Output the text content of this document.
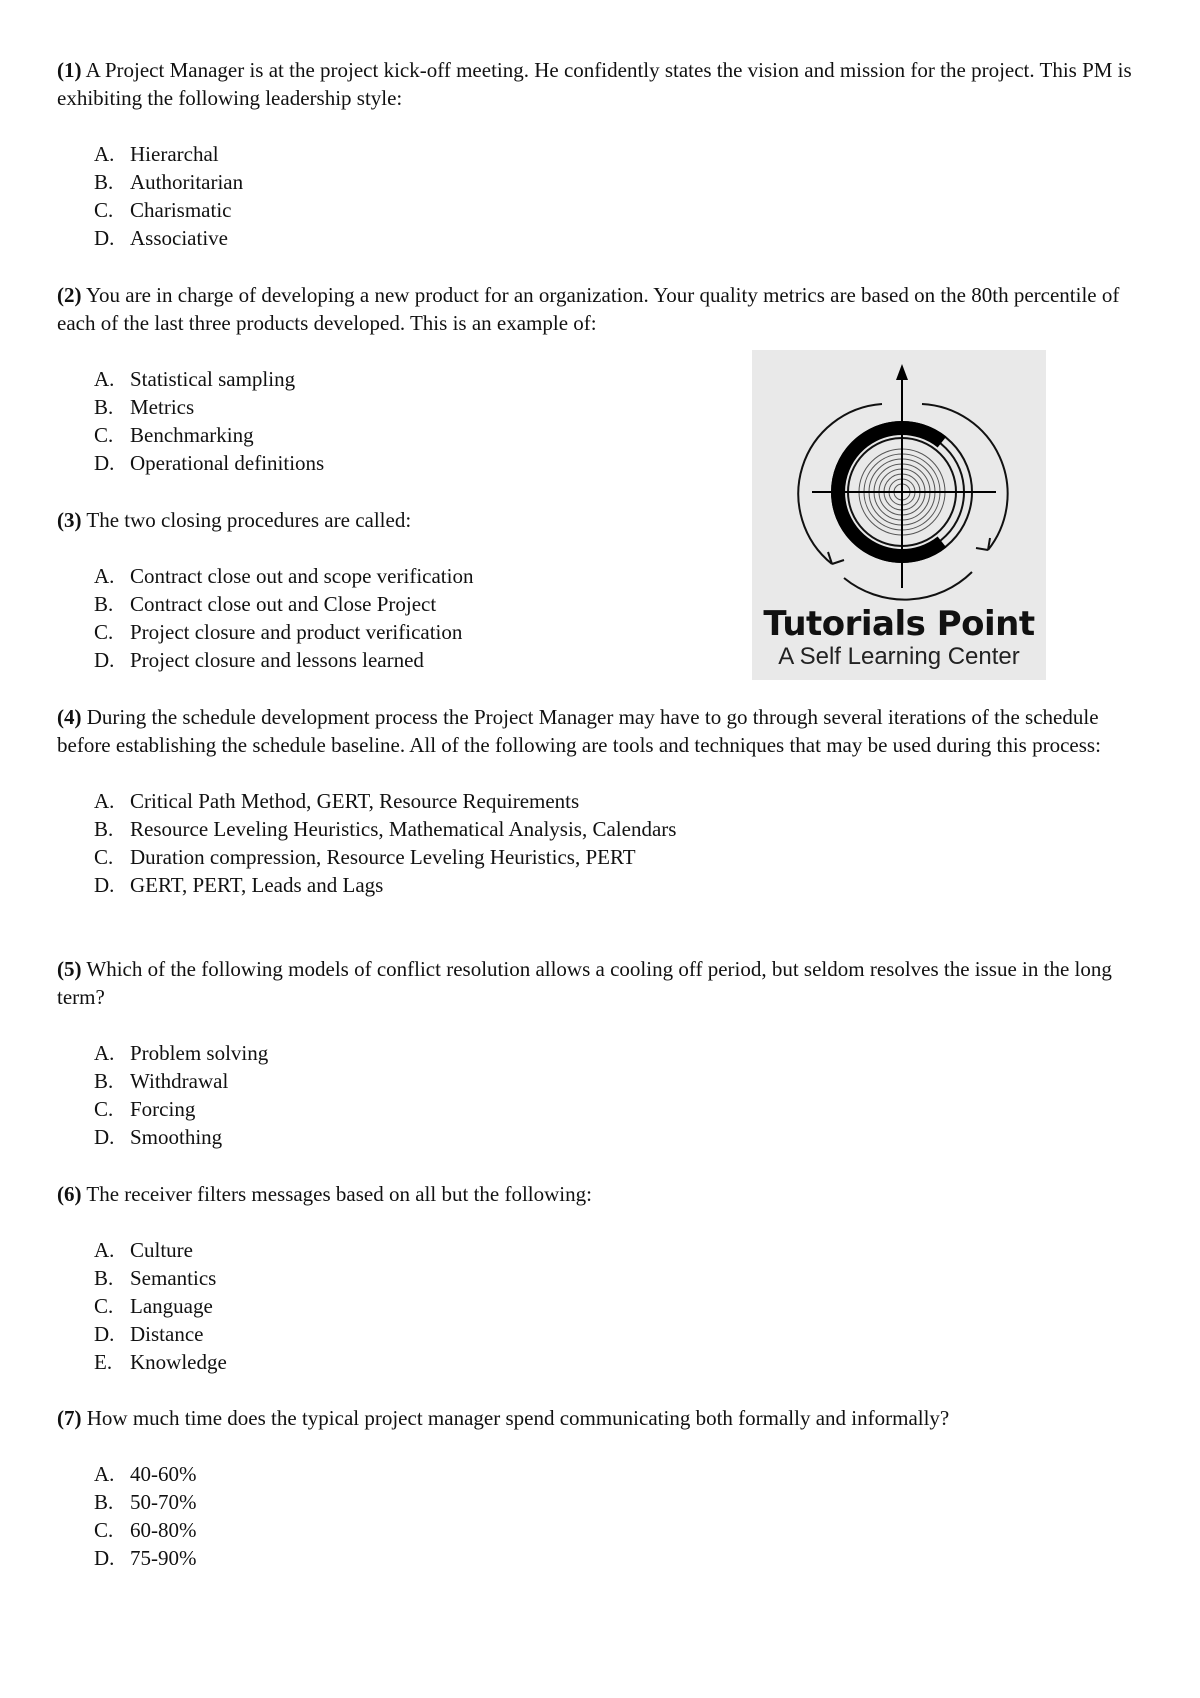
(1) A Project Manager is at the project kick-off meeting. He confidently states the vision and mission for the project. This PM is exhibiting the following leadership style:

A. Hierarchal
B. Authoritarian
C. Charismatic
D. Associative

(2) You are in charge of developing a new product for an organization. Your quality metrics are based on the 80th percentile of each of the last three products developed. This is an example of:

A. Statistical sampling
B. Metrics
C. Benchmarking
D. Operational definitions

(3) The two closing procedures are called:

A. Contract close out and scope verification
B. Contract close out and Close Project
C. Project closure and product verification
D. Project closure and lessons learned

(4) During the schedule development process the Project Manager may have to go through several iterations of the schedule before establishing the schedule baseline. All of the following are tools and techniques that may be used during this process:

A. Critical Path Method, GERT, Resource Requirements
B. Resource Leveling Heuristics, Mathematical Analysis, Calendars
C. Duration compression, Resource Leveling Heuristics, PERT
D. GERT, PERT, Leads and Lags

(5) Which of the following models of conflict resolution allows a cooling off period, but seldom resolves the issue in the long term?

A. Problem solving
B. Withdrawal
C. Forcing
D. Smoothing

(6) The receiver filters messages based on all but the following:

A. Culture
B. Semantics
C. Language
D. Distance
E. Knowledge

(7) How much time does the typical project manager spend communicating both formally and informally?

A. 40-60%
B. 50-70%
C. 60-80%
D. 75-90%
Tutorials Point
A Self Learning Center
